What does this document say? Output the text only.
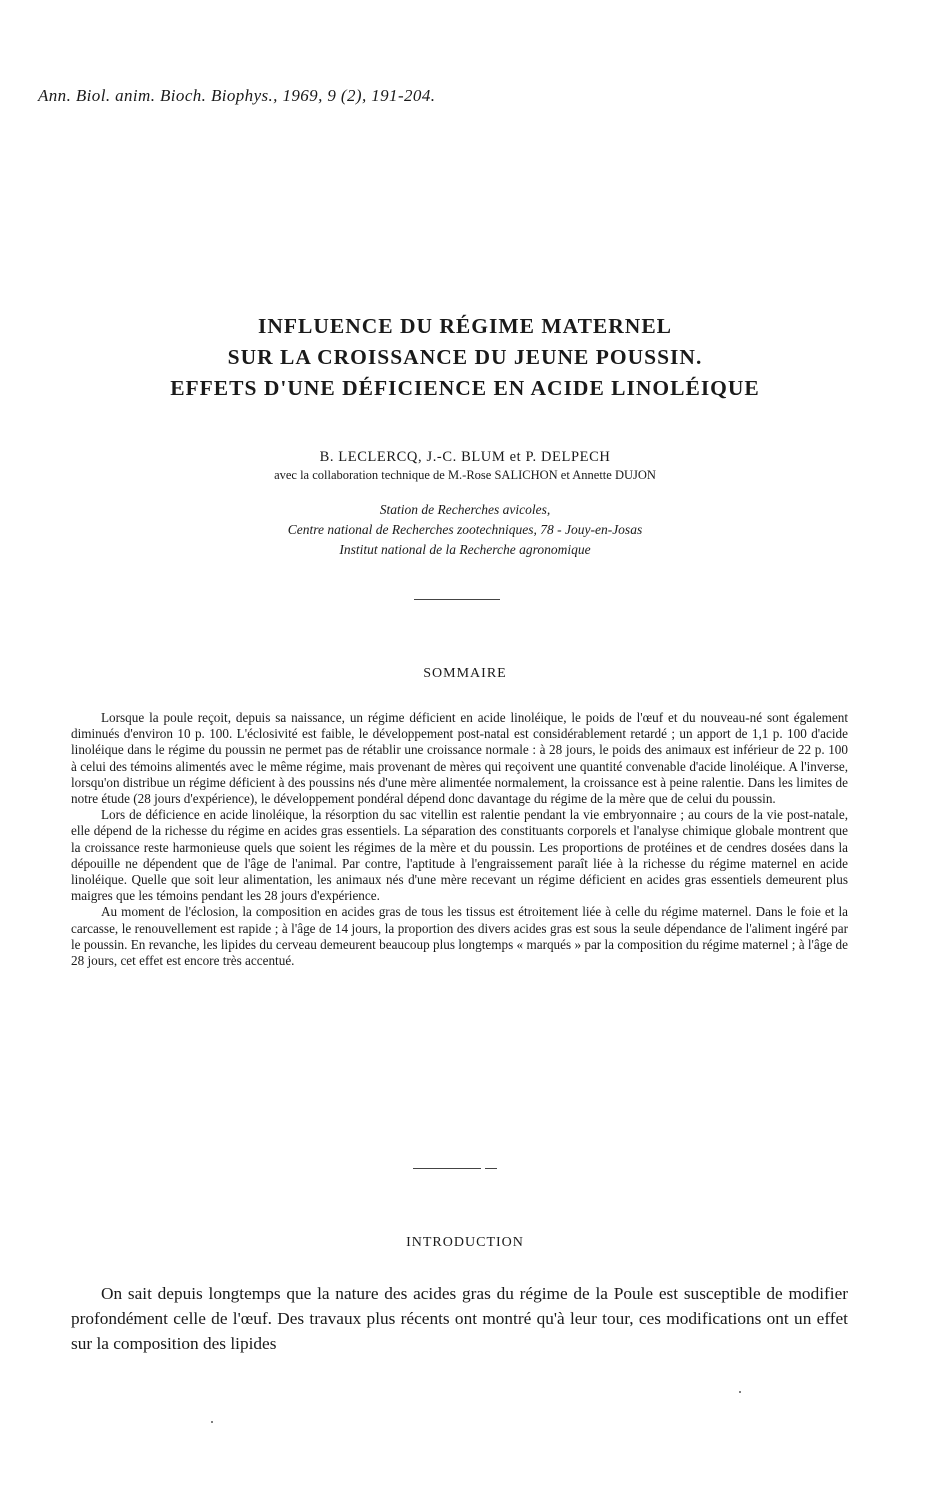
Ann. Biol. anim. Bioch. Biophys., 1969, 9 (2), 191-204.
INFLUENCE DU RÉGIME MATERNEL
SUR LA CROISSANCE DU JEUNE POUSSIN.
EFFETS D'UNE DÉFICIENCE EN ACIDE LINOLÉIQUE
B. LECLERCQ, J.-C. BLUM et P. DELPECH
avec la collaboration technique de M.-Rose SALICHON et Annette DUJON
Station de Recherches avicoles,
Centre national de Recherches zootechniques, 78 - Jouy-en-Josas
Institut national de la Recherche agronomique
SOMMAIRE

Lorsque la poule reçoit, depuis sa naissance, un régime déficient en acide linoléique, le poids de l'œuf et du nouveau-né sont également diminués d'environ 10 p. 100. L'éclosivité est faible, le développement post-natal est considérablement retardé ; un apport de 1,1 p. 100 d'acide linoléique dans le régime du poussin ne permet pas de rétablir une croissance normale : à 28 jours, le poids des animaux est inférieur de 22 p. 100 à celui des témoins alimentés avec le même régime, mais provenant de mères qui reçoivent une quantité convenable d'acide linoléique. A l'inverse, lorsqu'on distribue un régime déficient à des poussins nés d'une mère alimentée normalement, la croissance est à peine ralentie. Dans les limites de notre étude (28 jours d'expérience), le développement pondéral dépend donc davantage du régime de la mère que de celui du poussin.

Lors de déficience en acide linoléique, la résorption du sac vitellin est ralentie pendant la vie embryonnaire ; au cours de la vie post-natale, elle dépend de la richesse du régime en acides gras essentiels. La séparation des constituants corporels et l'analyse chimique globale montrent que la croissance reste harmonieuse quels que soient les régimes de la mère et du poussin. Les proportions de protéines et de cendres dosées dans la dépouille ne dépendent que de l'âge de l'animal. Par contre, l'aptitude à l'engraissement paraît liée à la richesse du régime maternel en acide linoléique. Quelle que soit leur alimentation, les animaux nés d'une mère recevant un régime déficient en acides gras essentiels demeurent plus maigres que les témoins pendant les 28 jours d'expérience.

Au moment de l'éclosion, la composition en acides gras de tous les tissus est étroitement liée à celle du régime maternel. Dans le foie et la carcasse, le renouvellement est rapide ; à l'âge de 14 jours, la proportion des divers acides gras est sous la seule dépendance de l'aliment ingéré par le poussin. En revanche, les lipides du cerveau demeurent beaucoup plus longtemps « marqués » par la composition du régime maternel ; à l'âge de 28 jours, cet effet est encore très accentué.

INTRODUCTION

On sait depuis longtemps que la nature des acides gras du régime de la Poule est susceptible de modifier profondément celle de l'œuf. Des travaux plus récents ont montré qu'à leur tour, ces modifications ont un effet sur la composition des lipides
